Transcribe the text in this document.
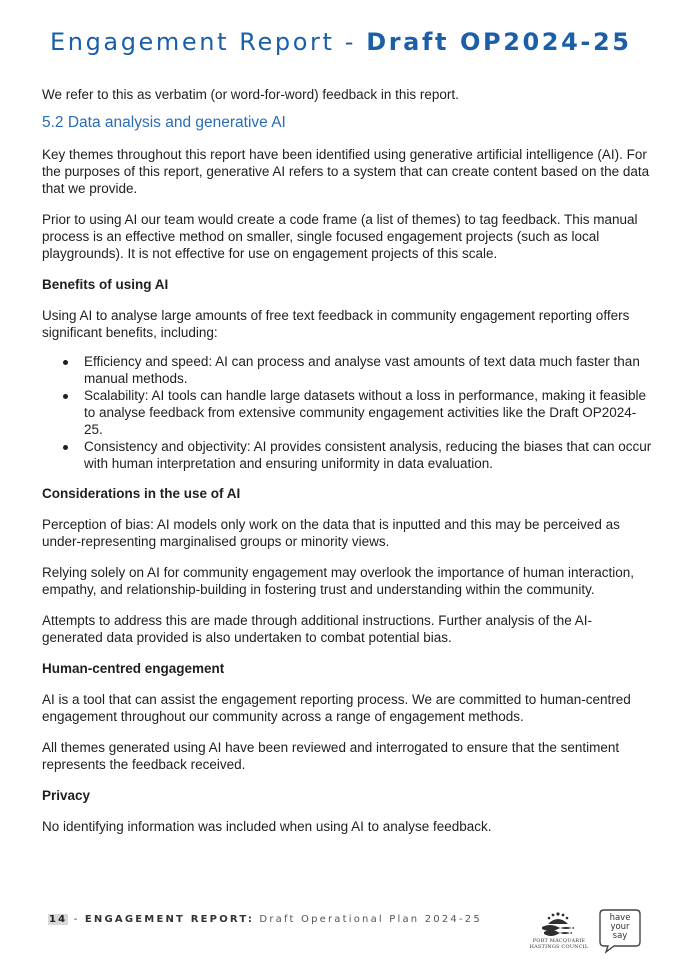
Engagement Report - Draft OP2024-25

We refer to this as verbatim (or word-for-word) feedback in this report.

5.2 Data analysis and generative AI

Key themes throughout this report have been identified using generative artificial intelligence (AI). For the purposes of this report, generative AI refers to a system that can create content based on the data that we provide.

Prior to using AI our team would create a code frame (a list of themes) to tag feedback. This manual process is an effective method on smaller, single focused engagement projects (such as local playgrounds). It is not effective for use on engagement projects of this scale.

Benefits of using AI

Using AI to analyse large amounts of free text feedback in community engagement reporting offers significant benefits, including:

Efficiency and speed: AI can process and analyse vast amounts of text data much faster than manual methods.
Scalability: AI tools can handle large datasets without a loss in performance, making it feasible to analyse feedback from extensive community engagement activities like the Draft OP2024-25.
Consistency and objectivity: AI provides consistent analysis, reducing the biases that can occur with human interpretation and ensuring uniformity in data evaluation.
Considerations in the use of AI

Perception of bias: AI models only work on the data that is inputted and this may be perceived as under-representing marginalised groups or minority views.

Relying solely on AI for community engagement may overlook the importance of human interaction, empathy, and relationship-building in fostering trust and understanding within the community.

Attempts to address this are made through additional instructions. Further analysis of the AI-generated data provided is also undertaken to combat potential bias.

Human-centred engagement

AI is a tool that can assist the engagement reporting process. We are committed to human-centred engagement throughout our community across a range of engagement methods.

All themes generated using AI have been reviewed and interrogated to ensure that the sentiment represents the feedback received.

Privacy

No identifying information was included when using AI to analyse feedback.

14 - ENGAGEMENT REPORT: Draft Operational Plan 2024-25
PORT MACQUARIE
HASTINGS COUNCIL
have
your say
